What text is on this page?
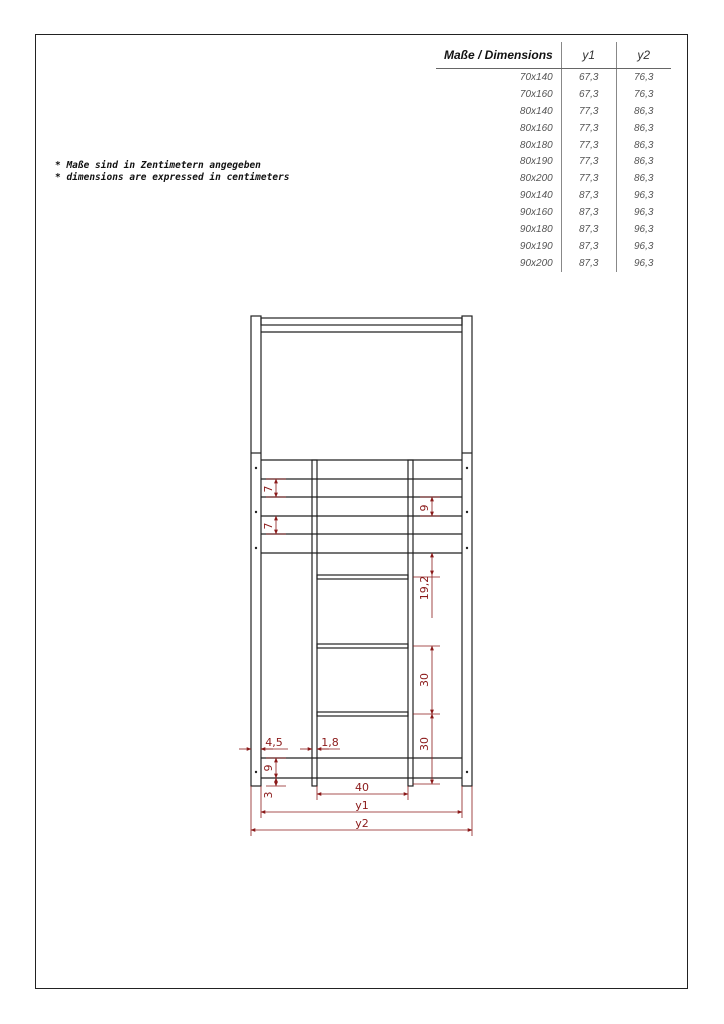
* Maße sind in Zentimetern angegeben
* dimensions are expressed in centimeters
Maße / Dimensions	y1	y2
70x140	67,3	76,3
70x160	67,3	76,3
80x140	77,3	86,3
80x160	77,3	86,3
80x180	77,3	86,3
80x190	77,3	86,3
80x200	77,3	86,3
90x140	87,3	96,3
90x160	87,3	96,3
90x180	87,3	96,3
90x190	87,3	96,3
90x200	87,3	96,3
7
7
9
19,2
30
30
4,5	1,8
9
3
40
y1
y2
